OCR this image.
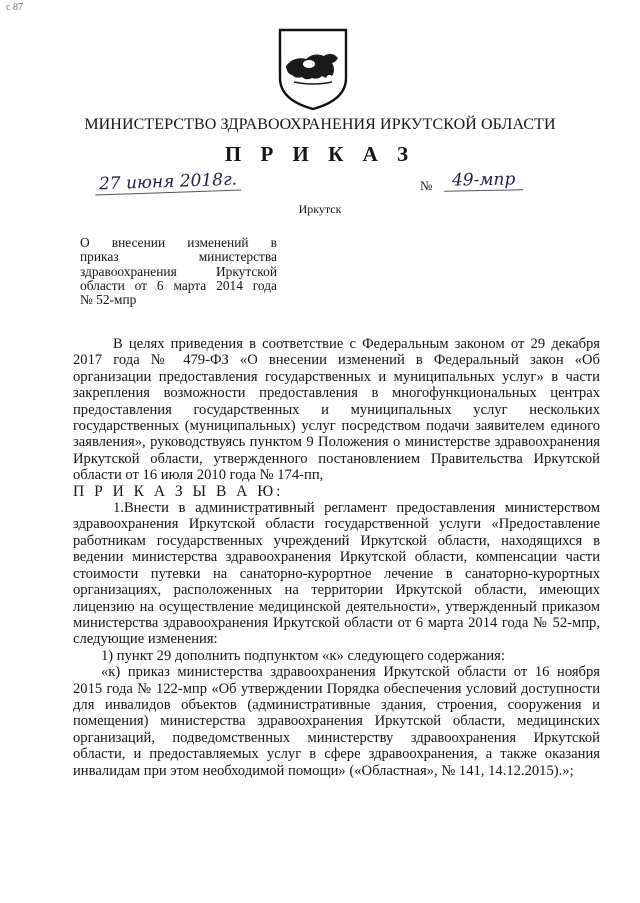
с 87
МИНИСТЕРСТВО ЗДРАВООХРАНЕНИЯ ИРКУТСКОЙ ОБЛАСТИ
П Р И К А З
27 июня 2018г.	№	49-мпр
Иркутск
О внесении изменений в
приказ министерства
здравоохранения Иркутской
области от 6 марта 2014 года
№ 52-мпр

В целях приведения в соответствие с Федеральным законом от 29 декабря 2017 года № 479-ФЗ «О внесении изменений в Федеральный закон «Об организации предоставления государственных и муниципальных услуг» в части закрепления возможности предоставления в многофункциональных центрах предоставления государственных и муниципальных услуг нескольких государственных (муниципальных) услуг посредством подачи заявителем единого заявления», руководствуясь пунктом 9 Положения о министерстве здравоохранения Иркутской области, утвержденного постановлением Правительства Иркутской области от 16 июля 2010 года № 174-пп,

П Р И К А З Ы В А Ю:

1.Внести в административный регламент предоставления министерством здравоохранения Иркутской области государственной услуги «Предоставление работникам государственных учреждений Иркутской области, находящихся в ведении министерства здравоохранения Иркутской области, компенсации части стоимости путевки на санаторно-курортное лечение в санаторно-курортных организациях, расположенных на территории Иркутской области, имеющих лицензию на осуществление медицинской деятельности», утвержденный приказом министерства здравоохранения Иркутской области от 6 марта 2014 года № 52-мпр, следующие изменения:

1) пункт 29 дополнить подпунктом «к» следующего содержания:

«к) приказ министерства здравоохранения Иркутской области от 16 ноября 2015 года № 122-мпр «Об утверждении Порядка обеспечения условий доступности для инвалидов объектов (административные здания, строения, сооружения и помещения) министерства здравоохранения Иркутской области, медицинских организаций, подведомственных министерству здравоохранения Иркутской области, и предоставляемых услуг в сфере здравоохранения, а также оказания инвалидам при этом необходимой помощи» («Областная», № 141, 14.12.2015).»;
